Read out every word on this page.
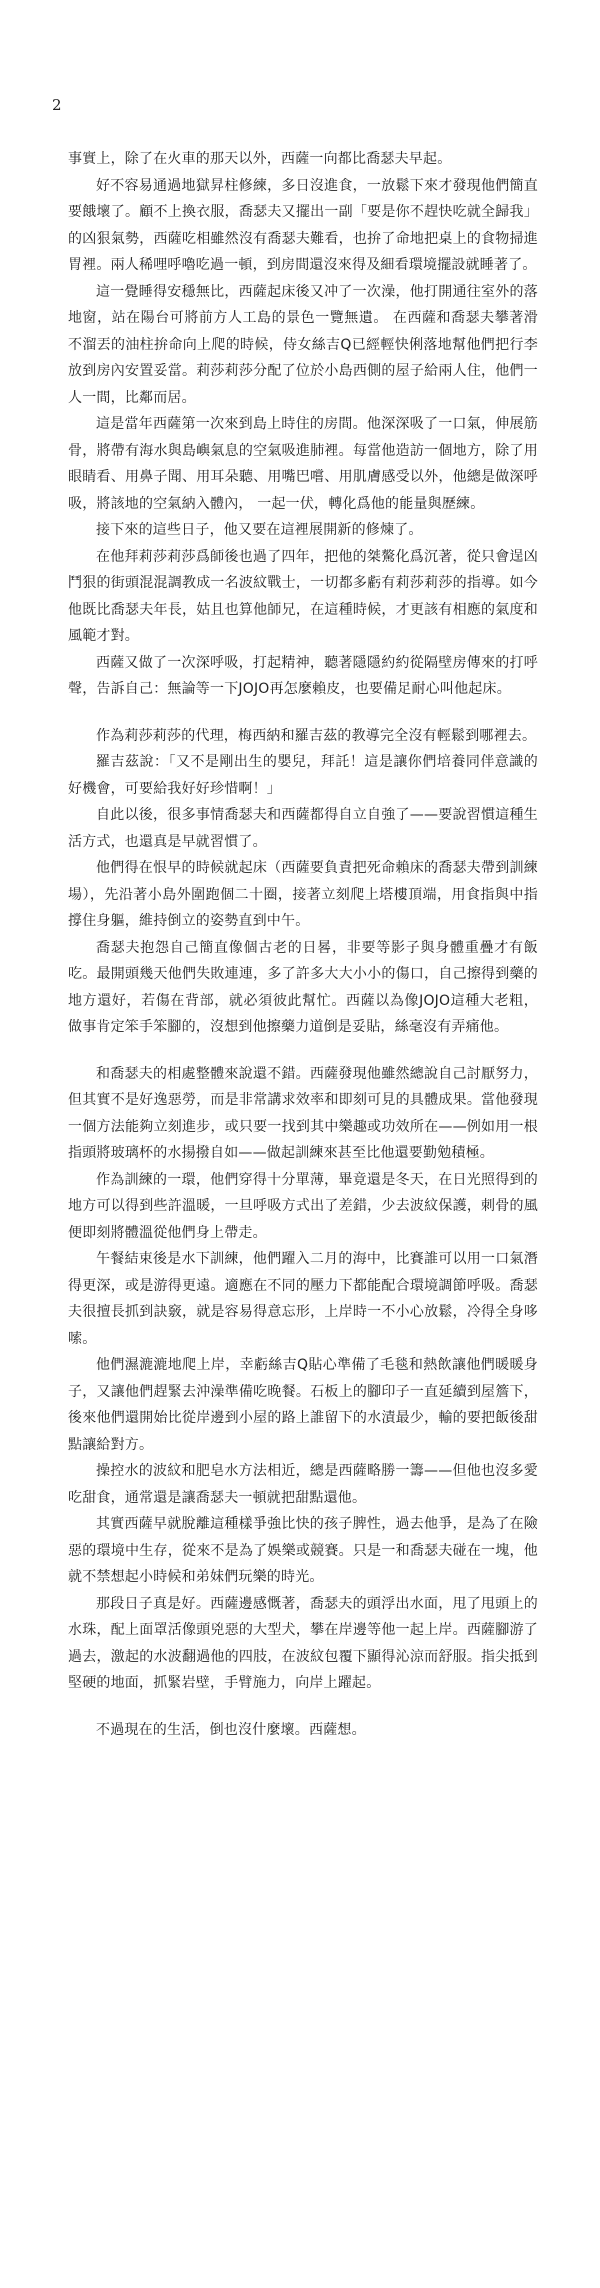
2

事實上，除了在火車的那天以外，西薩一向都比喬瑟夫早起。

好不容易通過地獄昇柱修練，多日沒進食，一放鬆下來才發現他們簡直要餓壞了。顧不上換衣服，喬瑟夫又擺出一副「要是你不趕快吃就全歸我」的凶狠氣勢，西薩吃相雖然沒有喬瑟夫難看，也拚了命地把桌上的食物掃進胃裡。兩人稀哩呼嚕吃過一頓，到房間還沒來得及細看環境擺設就睡著了。

這一覺睡得安穩無比，西薩起床後又冲了一次澡，他打開通往室外的落地窗，站在陽台可將前方人工島的景色一覽無遺。 在西薩和喬瑟夫攀著滑不溜丟的油柱拚命向上爬的時候，侍女絲吉Q已經輕快俐落地幫他們把行李放到房內安置妥當。莉莎莉莎分配了位於小島西側的屋子給兩人住，他們一人一間，比鄰而居。

這是當年西薩第一次來到島上時住的房間。他深深吸了一口氣，伸展筋骨，將帶有海水與島嶼氣息的空氣吸進肺裡。每當他造訪一個地方，除了用眼睛看、用鼻子聞、用耳朵聽、用嘴巴嚐、用肌膚感受以外，他總是做深呼吸，將該地的空氣納入體內， 一起一伏，轉化爲他的能量與歷練。

接下來的這些日子，他又要在這裡展開新的修煉了。

在他拜莉莎莉莎爲師後也過了四年，把他的桀驁化爲沉著，從只會逞凶鬥狠的街頭混混調教成一名波紋戰士，一切都多虧有莉莎莉莎的指導。如今他既比喬瑟夫年長，姑且也算他師兄，在這種時候，才更該有相應的氣度和風範才對。

西薩又做了一次深呼吸，打起精神，聽著隱隱約約從隔壁房傳來的打呼聲，告訴自己：無論等一下JOJO再怎麼賴皮，也要備足耐心叫他起床。

作為莉莎莉莎的代理，梅西納和羅吉茲的教導完全沒有輕鬆到哪裡去。

羅吉茲說：「又不是剛出生的嬰兒，拜託！這是讓你們培養同伴意識的好機會，可要給我好好珍惜啊！」

自此以後，很多事情喬瑟夫和西薩都得自立自強了——要說習慣這種生活方式，也還真是早就習慣了。

他們得在恨早的時候就起床（西薩要負責把死命賴床的喬瑟夫帶到訓練場），先沿著小島外圍跑個二十圈，接著立刻爬上塔樓頂端，用食指與中指撐住身軀，維持倒立的姿勢直到中午。

喬瑟夫抱怨自己簡直像個古老的日晷，非要等影子與身體重疊才有飯吃。最開頭幾天他們失敗連連，多了許多大大小小的傷口，自己擦得到藥的地方還好，若傷在背部，就必須彼此幫忙。西薩以為像JOJO這種大老粗，做事肯定笨手笨腳的，沒想到他擦藥力道倒是妥貼，絲毫沒有弄痛他。

和喬瑟夫的相處整體來說還不錯。西薩發現他雖然總說自己討厭努力，但其實不是好逸惡勞，而是非常講求效率和即刻可見的具體成果。當他發現一個方法能夠立刻進步，或只要一找到其中樂趣或功效所在——例如用一根指頭將玻璃杯的水揚撥自如——做起訓練來甚至比他還要勤勉積極。

作為訓練的一環，他們穿得十分單薄，畢竟還是冬天，在日光照得到的地方可以得到些許溫暖，一旦呼吸方式出了差錯，少去波紋保護，刺骨的風便即刻將體溫從他們身上帶走。

午餐結束後是水下訓練，他們躍入二月的海中，比賽誰可以用一口氣潛得更深，或是游得更遠。適應在不同的壓力下都能配合環境調節呼吸。喬瑟夫很擅長抓到訣竅，就是容易得意忘形，上岸時一不小心放鬆，冷得全身哆嗦。

他們濕漉漉地爬上岸，幸虧絲吉Q貼心準備了毛毯和熱飲讓他們暖暖身子，又讓他們趕緊去沖澡準備吃晚餐。石板上的腳印子一直延續到屋簷下，後來他們還開始比從岸邊到小屋的路上誰留下的水漬最少，輸的要把飯後甜點讓給對方。

操控水的波紋和肥皂水方法相近，總是西薩略勝一籌——但他也沒多愛吃甜食，通常還是讓喬瑟夫一頓就把甜點還他。

其實西薩早就脫離這種樣爭強比快的孩子脾性，過去他爭，是為了在險惡的環境中生存，從來不是為了娛樂或競賽。只是一和喬瑟夫碰在一塊，他就不禁想起小時候和弟妹們玩樂的時光。

那段日子真是好。西薩邊感慨著，喬瑟夫的頭浮出水面，甩了甩頭上的水珠，配上面罩活像頭兇惡的大型犬，攀在岸邊等他一起上岸。西薩腳游了過去，激起的水波翻過他的四肢，在波紋包覆下顯得沁涼而舒服。指尖抵到堅硬的地面，抓緊岩壁，手臂施力，向岸上躍起。

不過現在的生活，倒也沒什麼壞。西薩想。
